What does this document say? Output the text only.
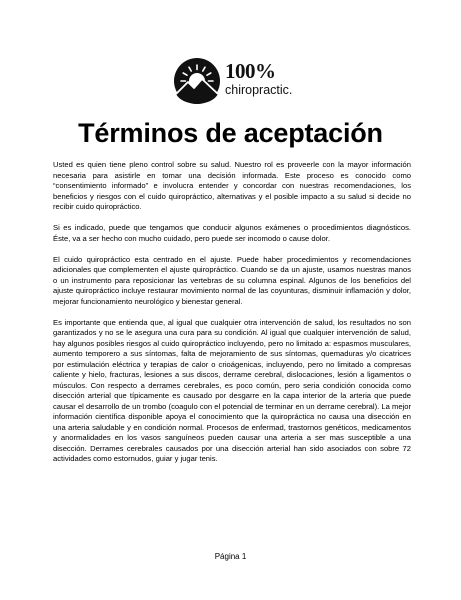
100%
chiropractic.
Términos de aceptación

Usted es quien tiene pleno control sobre su salud. Nuestro rol es proveerle con la mayor información necesaria para asistirle en tomar una decisión informada. Este proceso es conocido como “consentimiento informado” e involucra entender y concordar con nuestras recomendaciones, los beneficios y riesgos con el cuido quiropráctico, alternativas y el posible impacto a su salud si decide no recibir cuido quiropráctico.

Si es indicado, puede que tengamos que conducir algunos exámenes o procedimientos diagnósticos. Éste, va a ser hecho con mucho cuidado, pero puede ser incomodo o cause dolor.

El cuido quiropráctico esta centrado en el ajuste. Puede haber procedimientos y recomendaciones adicionales que complementen el ajuste quiropráctico. Cuando se da un ajuste, usamos nuestras manos o un instrumento para reposicionar las vertebras de su columna espinal. Algunos de los beneficios del ajuste quiropráctico incluye restaurar movimiento normal de las coyunturas, disminuir inflamación y dolor, mejorar funcionamiento neurológico y bienestar general.

Es importante que entienda que, al igual que cualquier otra intervención de salud, los resultados no son garantizados y no se le asegura una cura para su condición. Al igual que cualquier intervención de salud, hay algunos posibles riesgos al cuido quiropráctico incluyendo, pero no limitado a: espasmos musculares, aumento temporero a sus síntomas, falta de mejoramiento de sus síntomas, quemaduras y/o cicatrices por estimulación eléctrica y terapias de calor o crioágenicas, incluyendo, pero no limitado a compresas caliente y hielo, fracturas, lesiones a sus discos, derrame cerebral, dislocaciones, lesión a ligamentos o músculos. Con respecto a derrames cerebrales, es poco común, pero seria condición conocida como disección arterial que típicamente es causado por desgarre en la capa interior de la arteria que puede causar el desarrollo de un trombo (coagulo con el potencial de terminar en un derrame cerebral). La mejor información científica disponible apoya el conocimiento que la quiropráctica no causa una disección en una arteria saludable y en condición normal. Procesos de enfermad, trastornos genéticos, medicamentos y anormalidades en los vasos sanguíneos pueden causar una arteria a ser mas susceptible a una disección. Derrames cerebrales causados por una disección arterial han sido asociados con sobre 72 actividades como estornudos, guiar y jugar tenis.

Página 1
